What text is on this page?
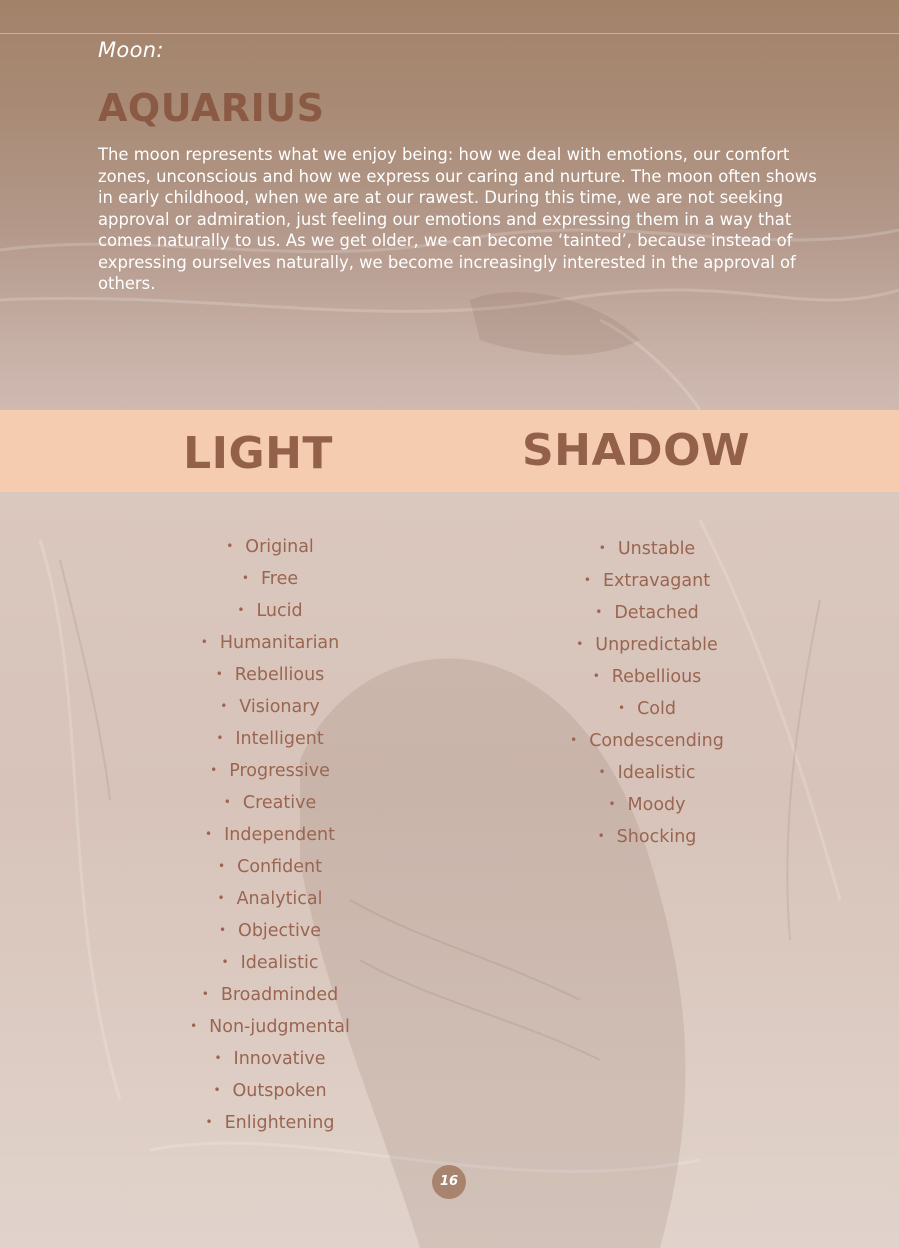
Moon:
AQUARIUS
The moon represents what we enjoy being: how we deal with emotions, our comfort zones, unconscious and how we express our caring and nurture. The moon often shows in early childhood, when we are at our rawest. During this time, we are not seeking approval or admiration, just feeling our emotions and expressing them in a way that comes naturally to us. As we get older, we can become ‘tainted’, because instead of expressing ourselves naturally, we become increasingly interested in the approval of others.
LIGHT	SHADOW
• Original
• Free
• Lucid
• Humanitarian
• Rebellious
• Visionary
• Intelligent
• Progressive
• Creative
• Independent
• Confident
• Analytical
• Objective
• Idealistic
• Broadminded
• Non-judgmental
• Innovative
• Outspoken
• Enlightening
• Unstable
• Extravagant
• Detached
• Unpredictable
• Rebellious
• Cold
• Condescending
• Idealistic
• Moody
• Shocking
16
